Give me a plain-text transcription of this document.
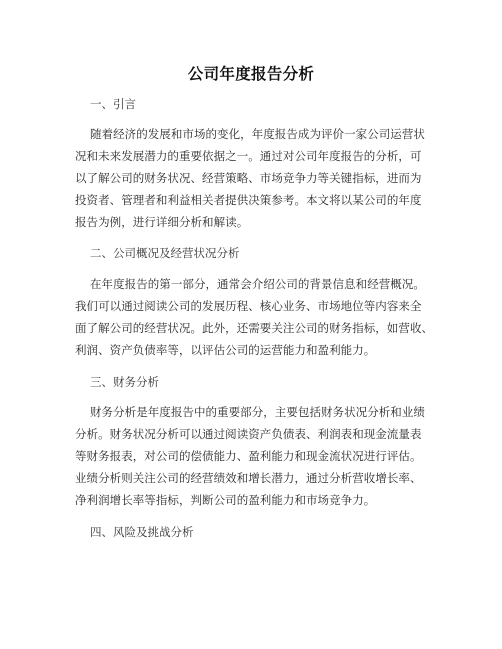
公司年度报告分析
一、引言
随着经济的发展和市场的变化，年度报告成为评价一家公司运营状
况和未来发展潜力的重要依据之一。通过对公司年度报告的分析，可
以了解公司的财务状况、经营策略、市场竞争力等关键指标，进而为
投资者、管理者和利益相关者提供决策参考。本文将以某公司的年度
报告为例，进行详细分析和解读。
二、公司概况及经营状况分析
在年度报告的第一部分，通常会介绍公司的背景信息和经营概况。
我们可以通过阅读公司的发展历程、核心业务、市场地位等内容来全
面了解公司的经营状况。此外，还需要关注公司的财务指标，如营收、
利润、资产负债率等，以评估公司的运营能力和盈利能力。
三、财务分析
财务分析是年度报告中的重要部分，主要包括财务状况分析和业绩
分析。财务状况分析可以通过阅读资产负债表、利润表和现金流量表
等财务报表，对公司的偿债能力、盈利能力和现金流状况进行评估。
业绩分析则关注公司的经营绩效和增长潜力，通过分析营收增长率、
净利润增长率等指标，判断公司的盈利能力和市场竞争力。
四、风险及挑战分析
